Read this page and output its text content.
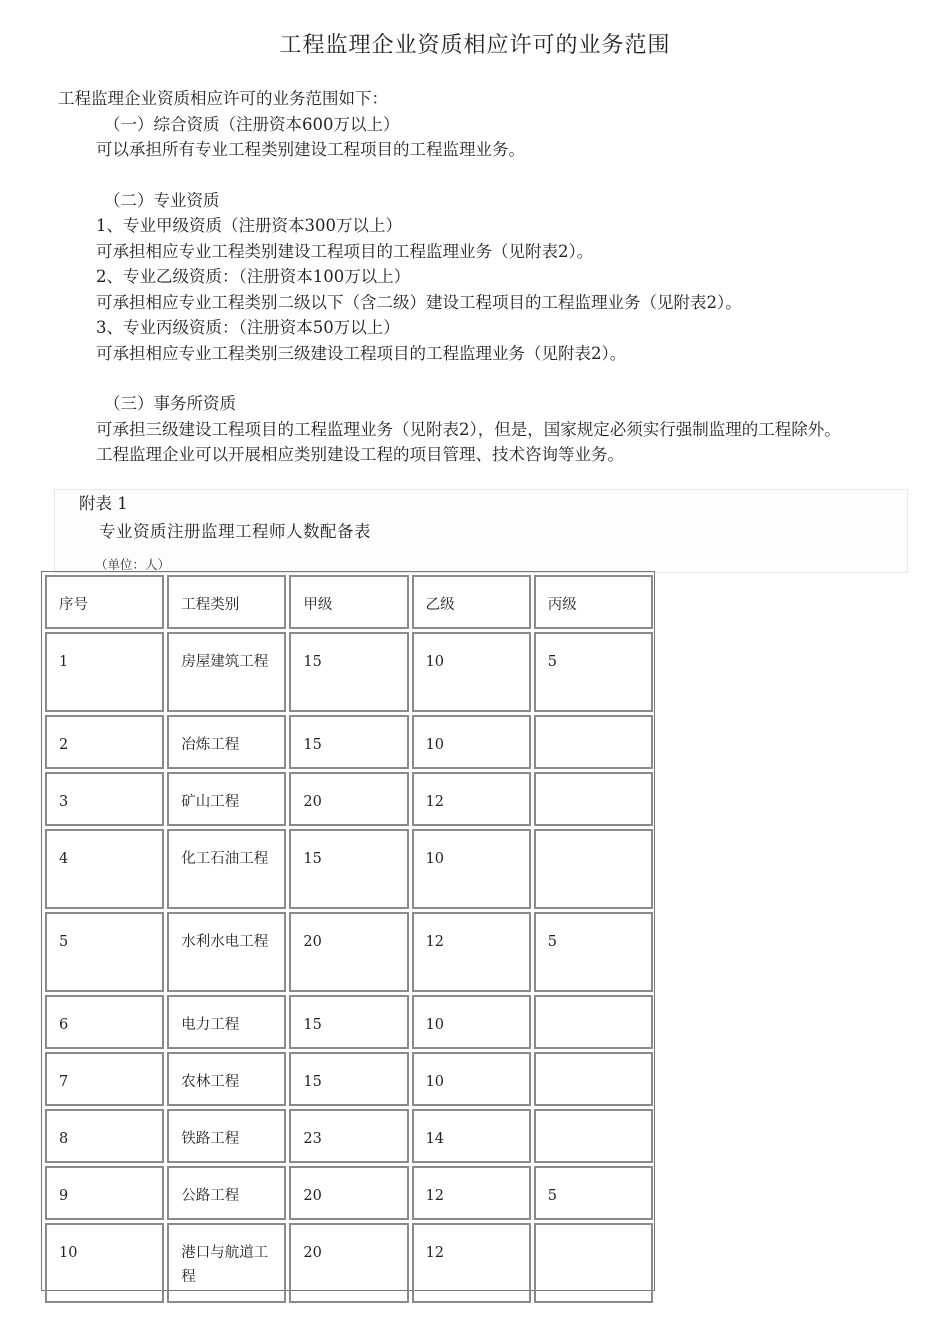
工程监理企业资质相应许可的业务范围

工程监理企业资质相应许可的业务范围如下：

（一）综合资质（注册资本600万以上）

可以承担所有专业工程类别建设工程项目的工程监理业务。

（二）专业资质

1、专业甲级资质（注册资本300万以上）

可承担相应专业工程类别建设工程项目的工程监理业务（见附表2）。

2、专业乙级资质：（注册资本100万以上）

可承担相应专业工程类别二级以下（含二级）建设工程项目的工程监理业务（见附表2）。

3、专业丙级资质：（注册资本50万以上）

可承担相应专业工程类别三级建设工程项目的工程监理业务（见附表2）。

（三）事务所资质

可承担三级建设工程项目的工程监理业务（见附表2），但是，国家规定必须实行强制监理的工程除外。

工程监理企业可以开展相应类别建设工程的项目管理、技术咨询等业务。

附表 1
专业资质注册监理工程师人数配备表
（单位：人）
序号	工程类别	甲级	乙级	丙级
1	房屋建筑工程	15	10	5
2	冶炼工程	15	10	
3	矿山工程	20	12	
4	化工石油工程	15	10	
5	水利水电工程	20	12	5
6	电力工程	15	10	
7	农林工程	15	10	
8	铁路工程	23	14	
9	公路工程	20	12	5
10	港口与航道工程	20	12	
